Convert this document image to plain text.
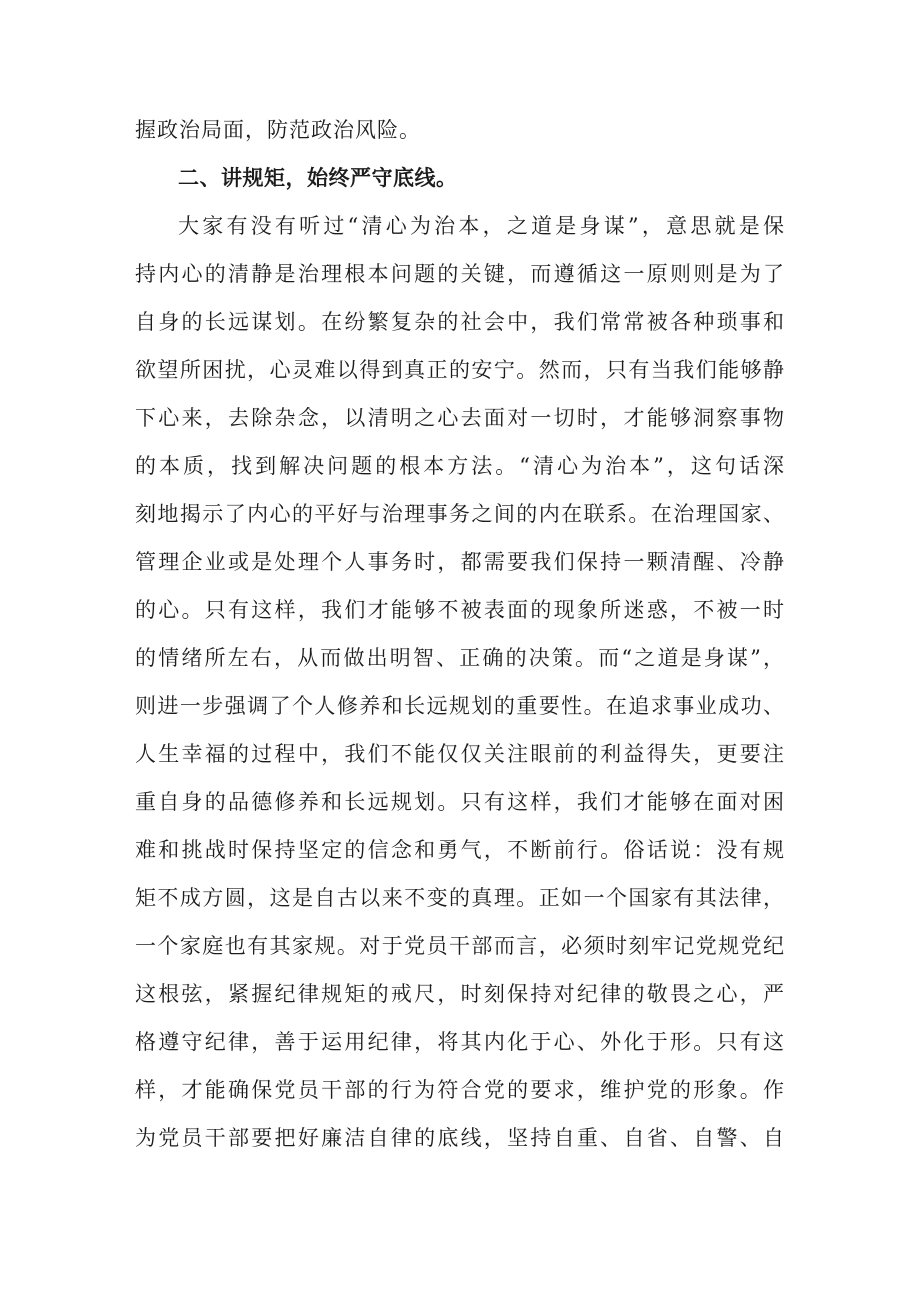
握政治局面，防范政治风险。
二、讲规矩，始终严守底线。
大家有没有听过“清心为治本，之道是身谋”，意思就是保
持内心的清静是治理根本问题的关键，而遵循这一原则则是为了
自身的长远谋划。在纷繁复杂的社会中，我们常常被各种琐事和
欲望所困扰，心灵难以得到真正的安宁。然而，只有当我们能够静
下心来，去除杂念，以清明之心去面对一切时，才能够洞察事物
的本质，找到解决问题的根本方法。“清心为治本”，这句话深
刻地揭示了内心的平好与治理事务之间的内在联系。在治理国家、
管理企业或是处理个人事务时，都需要我们保持一颗清醒、冷静
的心。只有这样，我们才能够不被表面的现象所迷惑，不被一时
的情绪所左右，从而做出明智、正确的决策。而“之道是身谋”，
则进一步强调了个人修养和长远规划的重要性。在追求事业成功、
人生幸福的过程中，我们不能仅仅关注眼前的利益得失，更要注
重自身的品德修养和长远规划。只有这样，我们才能够在面对困
难和挑战时保持坚定的信念和勇气，不断前行。俗话说：没有规
矩不成方圆，这是自古以来不变的真理。正如一个国家有其法律，
一个家庭也有其家规。对于党员干部而言，必须时刻牢记党规党纪
这根弦，紧握纪律规矩的戒尺，时刻保持对纪律的敬畏之心，严
格遵守纪律，善于运用纪律，将其内化于心、外化于形。只有这
样，才能确保党员干部的行为符合党的要求，维护党的形象。作
为党员干部要把好廉洁自律的底线，坚持自重、自省、自警、自
